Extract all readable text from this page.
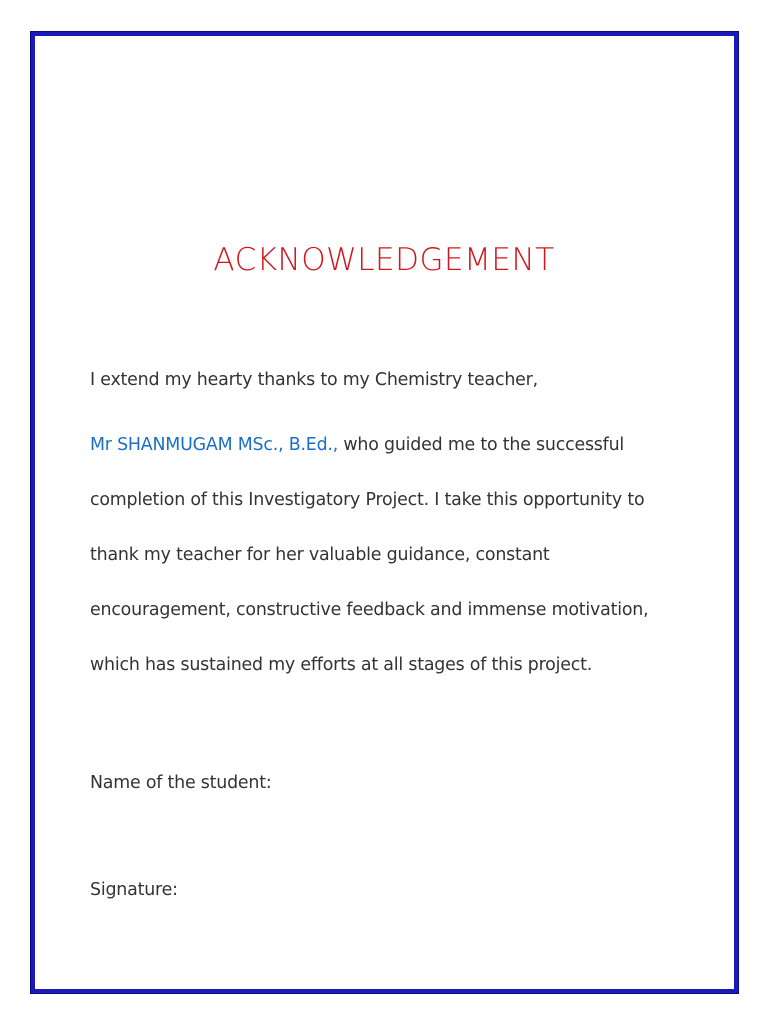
ACKNOWLEDGEMENT

I extend my hearty thanks to my Chemistry teacher,

Mr SHANMUGAM MSc., B.Ed., who guided me to the successful

completion of this Investigatory Project. I take this opportunity to

thank my teacher for her valuable guidance, constant

encouragement, constructive feedback and immense motivation,

which has sustained my efforts at all stages of this project.

Name of the student:

Signature:
